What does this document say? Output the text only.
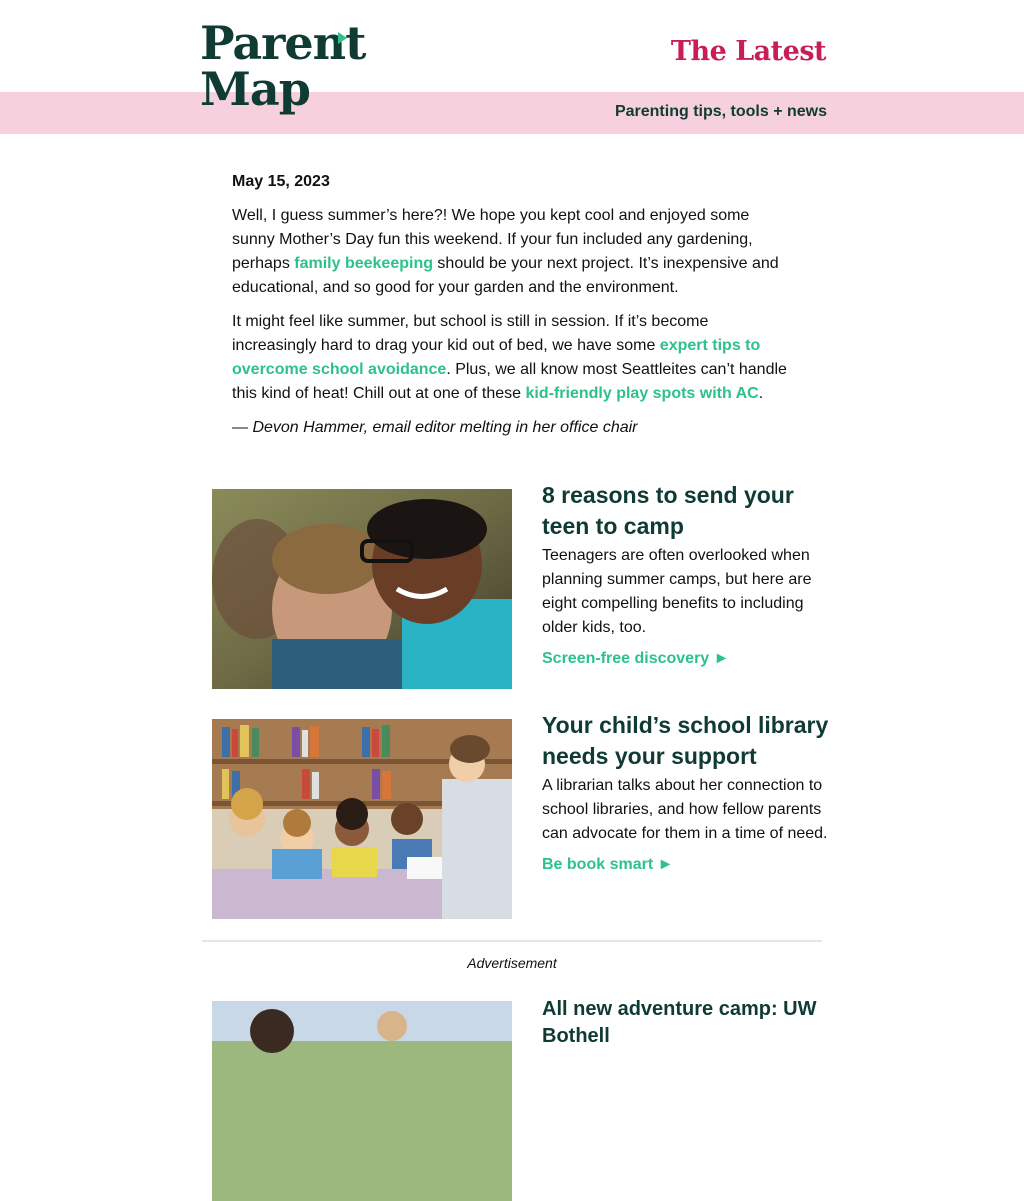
Parent
Map
The Latest
Parenting tips, tools + news
May 15, 2023

Well, I guess summer’s here?! We hope you kept cool and enjoyed some sunny Mother’s Day fun this weekend. If your fun included any gardening, perhaps family beekeeping should be your next project. It’s inexpensive and educational, and so good for your garden and the environment.

It might feel like summer, but school is still in session. If it’s become increasingly hard to drag your kid out of bed, we have some expert tips to overcome school avoidance. Plus, we all know most Seattleites can’t handle this kind of heat! Chill out at one of these kid-friendly play spots with AC.

— Devon Hammer, email editor melting in her office chair

8 reasons to send your teen to camp
Teenagers are often overlooked when planning summer camps, but here are eight compelling benefits to including older kids, too.
Screen-free discovery ►
Your child’s school library needs your support
A librarian talks about her connection to school libraries, and how fellow parents can advocate for them in a time of need.
Be book smart ►
Advertisement
All new adventure camp: UW Bothell
